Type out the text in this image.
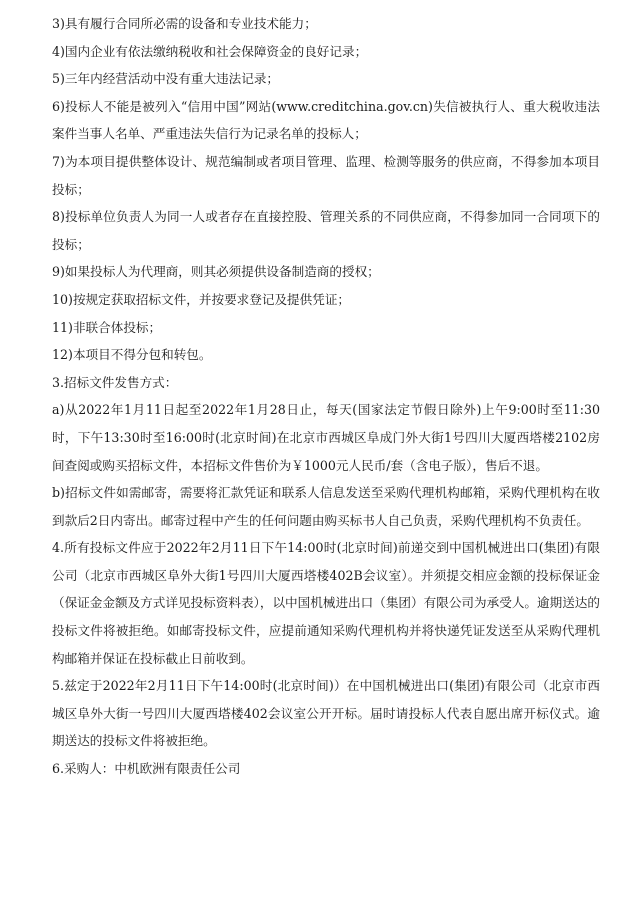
3)具有履行合同所必需的设备和专业技术能力；

4)国内企业有依法缴纳税收和社会保障资金的良好记录；

5)三年内经营活动中没有重大违法记录；

6)投标人不能是被列入“信用中国”网站(www.creditchina.gov.cn)失信被执行人、重大税收违法案件当事人名单、严重违法失信行为记录名单的投标人；

7)为本项目提供整体设计、规范编制或者项目管理、监理、检测等服务的供应商，不得参加本项目投标；

8)投标单位负责人为同一人或者存在直接控股、管理关系的不同供应商，不得参加同一合同项下的投标；

9)如果投标人为代理商，则其必须提供设备制造商的授权；

10)按规定获取招标文件，并按要求登记及提供凭证；

11)非联合体投标；

12)本项目不得分包和转包。

3.招标文件发售方式：

a)从2022年1月11日起至2022年1月28日止，每天(国家法定节假日除外)上午9:00时至11:30时，下午13:30时至16:00时(北京时间)在北京市西城区阜成门外大街1号四川大厦西塔楼2102房间查阅或购买招标文件，本招标文件售价为￥1000元人民币/套（含电子版），售后不退。

b)招标文件如需邮寄，需要将汇款凭证和联系人信息发送至采购代理机构邮箱，采购代理机构在收到款后2日内寄出。邮寄过程中产生的任何问题由购买标书人自己负责，采购代理机构不负责任。

4.所有投标文件应于2022年2月11日下午14:00时(北京时间)前递交到中国机械进出口(集团)有限公司（北京市西城区阜外大街1号四川大厦西塔楼402B会议室）。并须提交相应金额的投标保证金（保证金金额及方式详见投标资料表），以中国机械进出口（集团）有限公司为承受人。逾期送达的投标文件将被拒绝。如邮寄投标文件，应提前通知采购代理机构并将快递凭证发送至从采购代理机构邮箱并保证在投标截止日前收到。

5.兹定于2022年2月11日下午14:00时(北京时间)）在中国机械进出口(集团)有限公司（北京市西城区阜外大街一号四川大厦西塔楼402会议室公开开标。届时请投标人代表自愿出席开标仪式。逾期送达的投标文件将被拒绝。

6.采购人：中机欧洲有限责任公司
